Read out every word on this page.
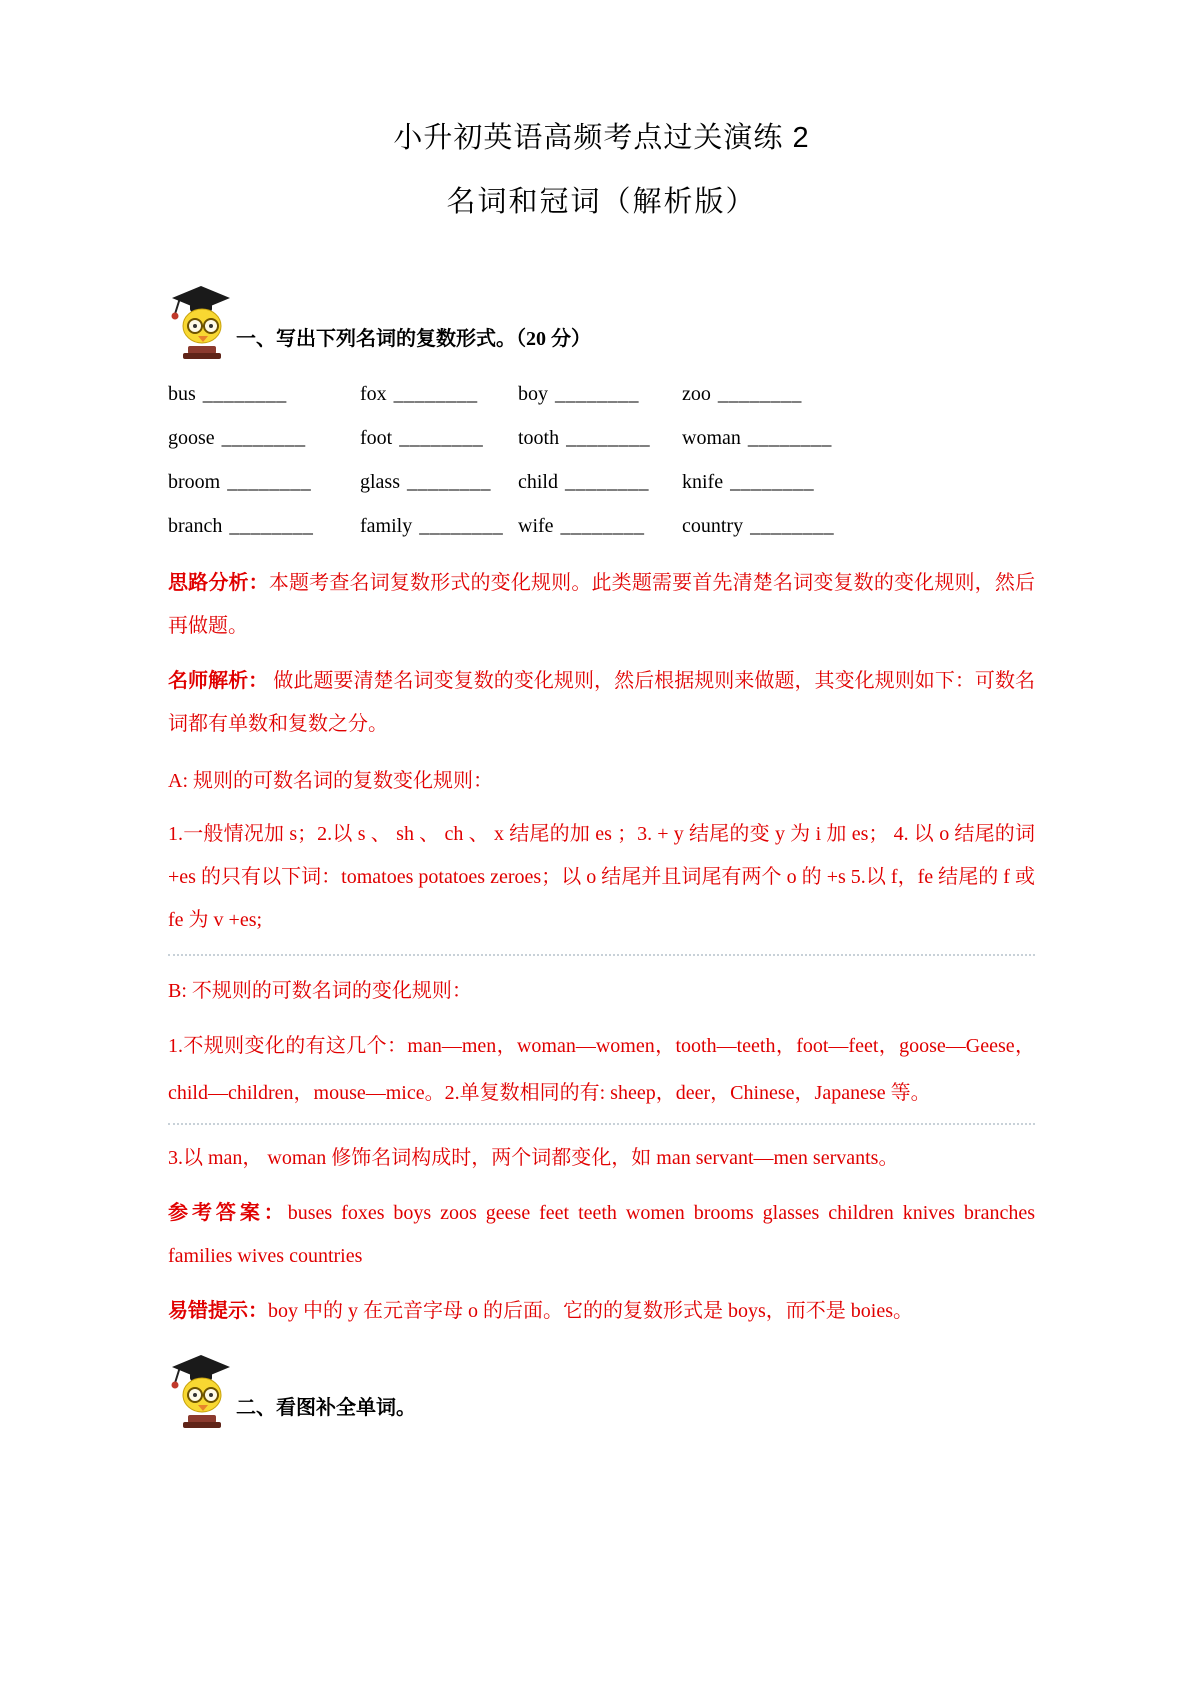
小升初英语高频考点过关演练 2
名词和冠词（解析版）
一、写出下列名词的复数形式。（20 分）
bus ________	fox ________	boy ________	zoo ________
goose ________	foot ________	tooth ________	woman ________
broom ________	glass ________	child ________	knife ________
branch ________	family ________ wife ________	country ________

思路分析：本题考查名词复数形式的变化规则。此类题需要首先清楚名词变复数的变化规则，然后再做题。

名师解析： 做此题要清楚名词变复数的变化规则，然后根据规则来做题，其变化规则如下：可数名词都有单数和复数之分。

A: 规则的可数名词的复数变化规则：

1.一般情况加 s；2.以 s 、 sh 、 ch 、 x 结尾的加 es ；3. + y 结尾的变 y 为 i 加 es； 4. 以 o 结尾的词 +es 的只有以下词：tomatoes potatoes zeroes；以 o 结尾并且词尾有两个 o 的 +s 5.以 f，fe 结尾的 f 或 fe 为 v +es;

B: 不规则的可数名词的变化规则：

1.不规则变化的有这几个：man—men，woman—women，tooth—teeth，foot—feet，goose—Geese，child—children，mouse—mice。2.单复数相同的有: sheep，deer，Chinese，Japanese 等。

3.以 man， woman 修饰名词构成时，两个词都变化，如 man servant—men servants。

参考答案：buses foxes boys zoos geese feet teeth women brooms glasses children knives branches families wives countries

易错提示：boy 中的 y 在元音字母 o 的后面。它的的复数形式是 boys，而不是 boies。

二、看图补全单词。
